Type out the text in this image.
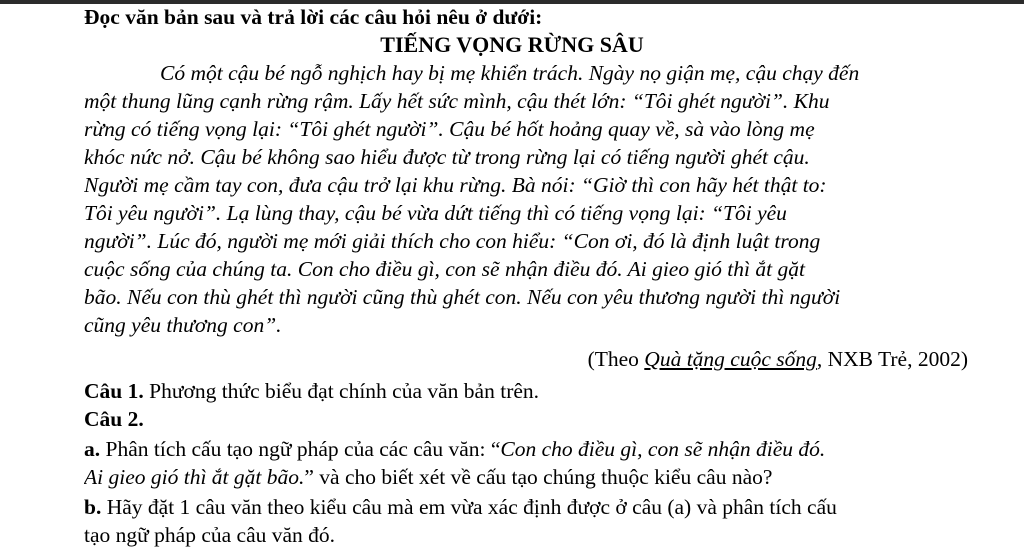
Đọc văn bản sau và trả lời các câu hỏi nêu ở dưới:
TIẾNG VỌNG RỪNG SÂU
Có một cậu bé ngỗ nghịch hay bị mẹ khiển trách. Ngày nọ giận mẹ, cậu chạy đến
một thung lũng cạnh rừng rậm. Lấy hết sức mình, cậu thét lớn: “Tôi ghét người”. Khu
rừng có tiếng vọng lại: “Tôi ghét người”. Cậu bé hốt hoảng quay về, sà vào lòng mẹ
khóc nức nở. Cậu bé không sao hiểu được từ trong rừng lại có tiếng người ghét cậu.
Người mẹ cầm tay con, đưa cậu trở lại khu rừng. Bà nói: “Giờ thì con hãy hét thật to:
Tôi yêu người”. Lạ lùng thay, cậu bé vừa dứt tiếng thì có tiếng vọng lại: “Tôi yêu
người”. Lúc đó, người mẹ mới giải thích cho con hiểu: “Con ơi, đó là định luật trong
cuộc sống của chúng ta. Con cho điều gì, con sẽ nhận điều đó. Ai gieo gió thì ắt gặt
bão. Nếu con thù ghét thì người cũng thù ghét con. Nếu con yêu thương người thì người
cũng yêu thương con”.
(Theo Quà tặng cuộc sống, NXB Trẻ, 2002)
Câu 1. Phương thức biểu đạt chính của văn bản trên.
Câu 2.
a. Phân tích cấu tạo ngữ pháp của các câu văn: “Con cho điều gì, con sẽ nhận điều đó.
Ai gieo gió thì ắt gặt bão.” và cho biết xét về cấu tạo chúng thuộc kiểu câu nào?
b. Hãy đặt 1 câu văn theo kiểu câu mà em vừa xác định được ở câu (a) và phân tích cấu
tạo ngữ pháp của câu văn đó.
